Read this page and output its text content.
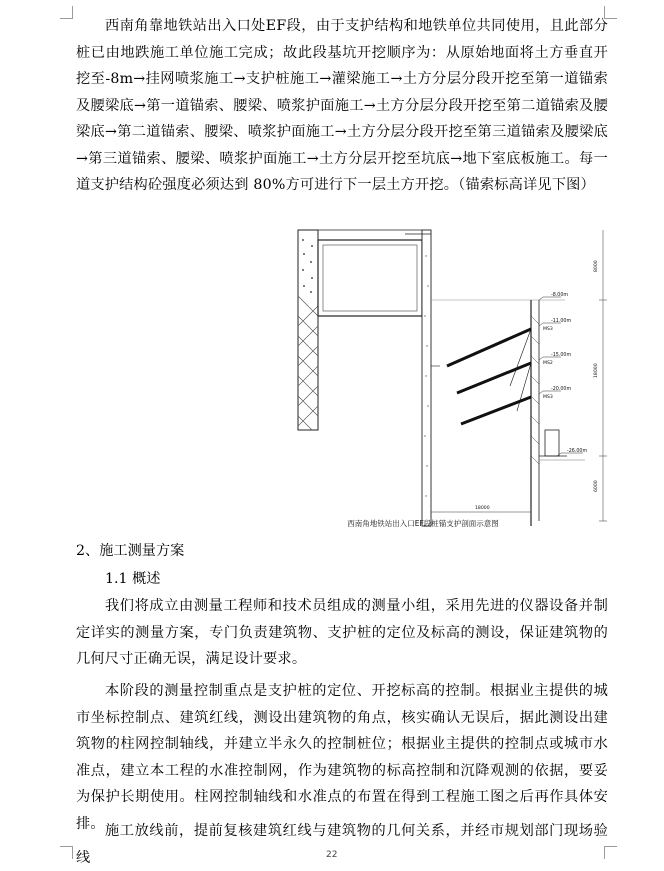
西南角靠地铁站出入口处EF段，由于支护结构和地铁单位共同使用，且此部分桩已由地跌施工单位施工完成；故此段基坑开挖顺序为：从原始地面将土方垂直开挖至-8m→挂网喷浆施工→支护桩施工→灌梁施工→土方分层分段开挖至第一道锚索及腰梁底→第一道锚索、腰梁、喷浆护面施工→土方分层分段开挖至第二道锚索及腰梁底→第二道锚索、腰梁、喷浆护面施工→土方分层分段开挖至第三道锚索及腰梁底→第三道锚索、腰梁、喷浆护面施工→土方分层开挖至坑底→地下室底板施工。每一道支护结构砼强度必须达到 80%方可进行下一层土方开挖。（锚索标高详见下图）

-8.00m
-11.00m
-15.00m
-20.00m
-26.00m
MS3
MS2
MS3
8000
18000
6000
18000
西南角地铁站出入口EF段桩锚支护剖面示意图

2、施工测量方案

1.1 概述

我们将成立由测量工程师和技术员组成的测量小组，采用先进的仪器设备并制定详实的测量方案，专门负责建筑物、支护桩的定位及标高的测设，保证建筑物的几何尺寸正确无误，满足设计要求。

本阶段的测量控制重点是支护桩的定位、开挖标高的控制。根据业主提供的城市坐标控制点、建筑红线，测设出建筑物的角点，核实确认无误后，据此测设出建筑物的柱网控制轴线，并建立半永久的控制桩位；根据业主提供的控制点或城市水准点，建立本工程的水准控制网，作为建筑物的标高控制和沉降观测的依据，要妥为保护长期使用。柱网控制轴线和水准点的布置在得到工程施工图之后再作具体安排。 施工放线前，提前复核建筑红线与建筑物的几何关系，并经市规划部门现场验线	22
